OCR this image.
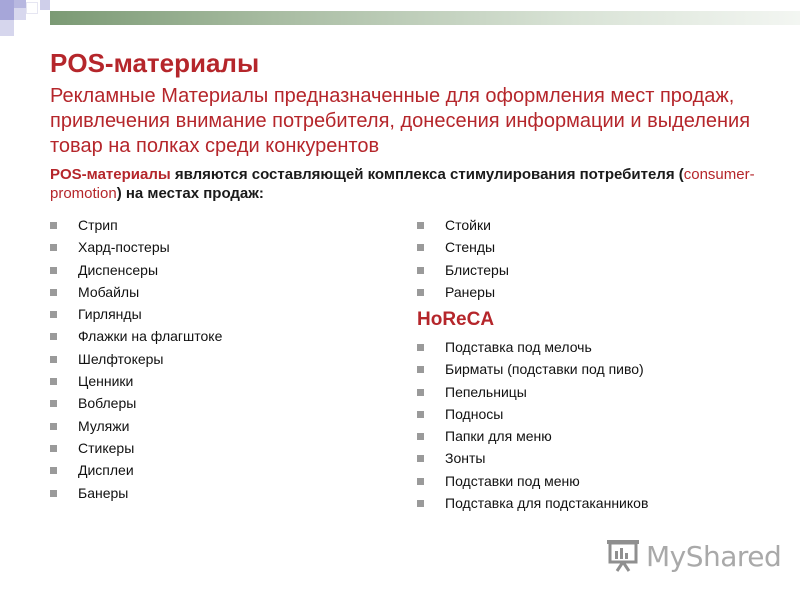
POS-материалы

Рекламные Материалы предназначенные для оформления мест продаж, привлечения внимание потребителя, донесения информации и выделения товар на полках среди конкурентов

POS-материалы являются составляющей комплекса стимулирования потребителя (consumer-promotion) на местах продаж:

Стрип
Хард-постеры
Диспенсеры
Мобайлы
Гирлянды
Флажки на флагштоке
Шелфтокеры
Ценники
Воблеры
Муляжи
Стикеры
Дисплеи
Банеры
Стойки
Стенды
Блистеры
Ранеры

HoReCA

Подставка под мелочь
Бирматы (подставки под пиво)
Пепельницы
Подносы
Папки для меню
Зонты
Подставки под меню
Подставка для подстаканников
MyShared
